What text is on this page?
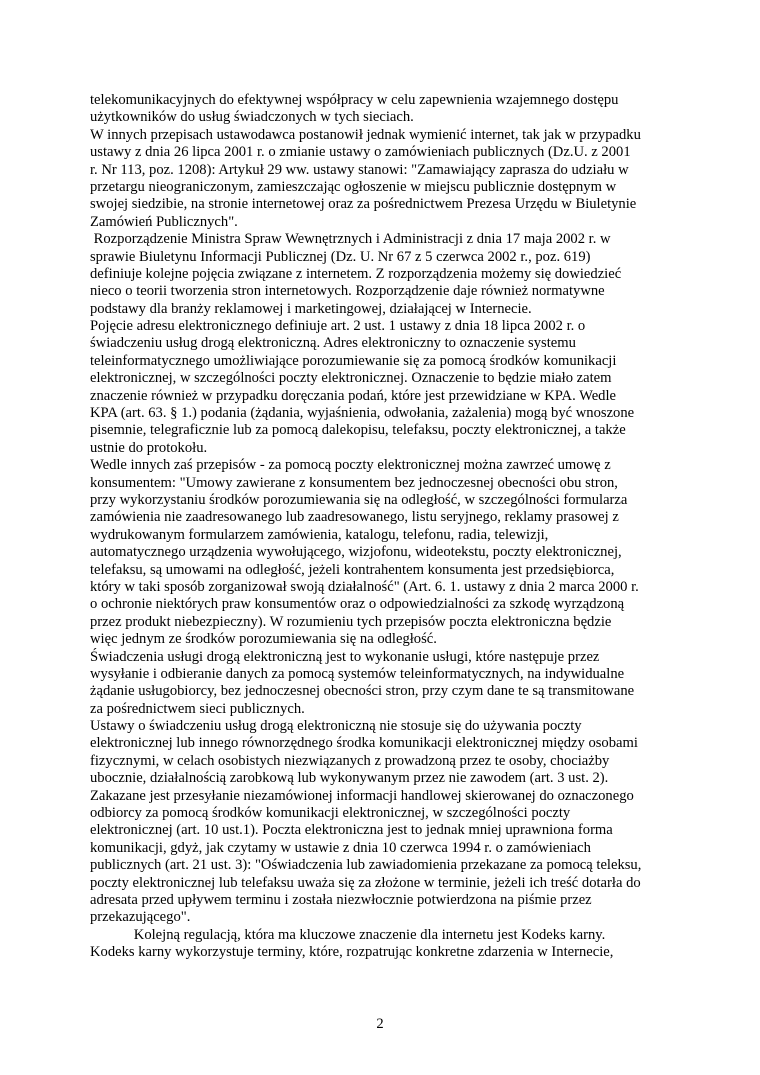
telekomunikacyjnych do efektywnej współpracy w celu zapewnienia wzajemnego dostępu
użytkowników do usług świadczonych w tych sieciach.
W innych przepisach ustawodawca postanowił jednak wymienić internet, tak jak w przypadku
ustawy z dnia 26 lipca 2001 r. o zmianie ustawy o zamówieniach publicznych (Dz.U. z 2001
r. Nr 113, poz. 1208): Artykuł 29 ww. ustawy stanowi: "Zamawiający zaprasza do udziału w
przetargu nieograniczonym, zamieszczając ogłoszenie w miejscu publicznie dostępnym w
swojej siedzibie, na stronie internetowej oraz za pośrednictwem Prezesa Urzędu w Biuletynie
Zamówień Publicznych".
Rozporządzenie Ministra Spraw Wewnętrznych i Administracji z dnia 17 maja 2002 r. w
sprawie Biuletynu Informacji Publicznej (Dz. U. Nr 67 z 5 czerwca 2002 r., poz. 619)
definiuje kolejne pojęcia związane z internetem. Z rozporządzenia możemy się dowiedzieć
nieco o teorii tworzenia stron internetowych. Rozporządzenie daje również normatywne
podstawy dla branży reklamowej i marketingowej, działającej w Internecie.
Pojęcie adresu elektronicznego definiuje art. 2 ust. 1 ustawy z dnia 18 lipca 2002 r. o
świadczeniu usług drogą elektroniczną. Adres elektroniczny to oznaczenie systemu
teleinformatycznego umożliwiające porozumiewanie się za pomocą środków komunikacji
elektronicznej, w szczególności poczty elektronicznej. Oznaczenie to będzie miało zatem
znaczenie również w przypadku doręczania podań, które jest przewidziane w KPA. Wedle
KPA (art. 63. § 1.) podania (żądania, wyjaśnienia, odwołania, zażalenia) mogą być wnoszone
pisemnie, telegraficznie lub za pomocą dalekopisu, telefaksu, poczty elektronicznej, a także
ustnie do protokołu.
Wedle innych zaś przepisów - za pomocą poczty elektronicznej można zawrzeć umowę z
konsumentem: "Umowy zawierane z konsumentem bez jednoczesnej obecności obu stron,
przy wykorzystaniu środków porozumiewania się na odległość, w szczególności formularza
zamówienia nie zaadresowanego lub zaadresowanego, listu seryjnego, reklamy prasowej z
wydrukowanym formularzem zamówienia, katalogu, telefonu, radia, telewizji,
automatycznego urządzenia wywołującego, wizjofonu, wideotekstu, poczty elektronicznej,
telefaksu, są umowami na odległość, jeżeli kontrahentem konsumenta jest przedsiębiorca,
który w taki sposób zorganizował swoją działalność" (Art. 6. 1. ustawy z dnia 2 marca 2000 r.
o ochronie niektórych praw konsumentów oraz o odpowiedzialności za szkodę wyrządzoną
przez produkt niebezpieczny). W rozumieniu tych przepisów poczta elektroniczna będzie
więc jednym ze środków porozumiewania się na odległość.
Świadczenia usługi drogą elektroniczną jest to wykonanie usługi, które następuje przez
wysyłanie i odbieranie danych za pomocą systemów teleinformatycznych, na indywidualne
żądanie usługobiorcy, bez jednoczesnej obecności stron, przy czym dane te są transmitowane
za pośrednictwem sieci publicznych.
Ustawy o świadczeniu usług drogą elektroniczną nie stosuje się do używania poczty
elektronicznej lub innego równorzędnego środka komunikacji elektronicznej między osobami
fizycznymi, w celach osobistych niezwiązanych z prowadzoną przez te osoby, chociażby
ubocznie, działalnością zarobkową lub wykonywanym przez nie zawodem (art. 3 ust. 2).
Zakazane jest przesyłanie niezamówionej informacji handlowej skierowanej do oznaczonego
odbiorcy za pomocą środków komunikacji elektronicznej, w szczególności poczty
elektronicznej (art. 10 ust.1). Poczta elektroniczna jest to jednak mniej uprawniona forma
komunikacji, gdyż, jak czytamy w ustawie z dnia 10 czerwca 1994 r. o zamówieniach
publicznych (art. 21 ust. 3): "Oświadczenia lub zawiadomienia przekazane za pomocą teleksu,
poczty elektronicznej lub telefaksu uważa się za złożone w terminie, jeżeli ich treść dotarła do
adresata przed upływem terminu i została niezwłocznie potwierdzona na piśmie przez
przekazującego".
Kolejną regulacją, która ma kluczowe znaczenie dla internetu jest Kodeks karny.
Kodeks karny wykorzystuje terminy, które, rozpatrując konkretne zdarzenia w Internecie,
2
